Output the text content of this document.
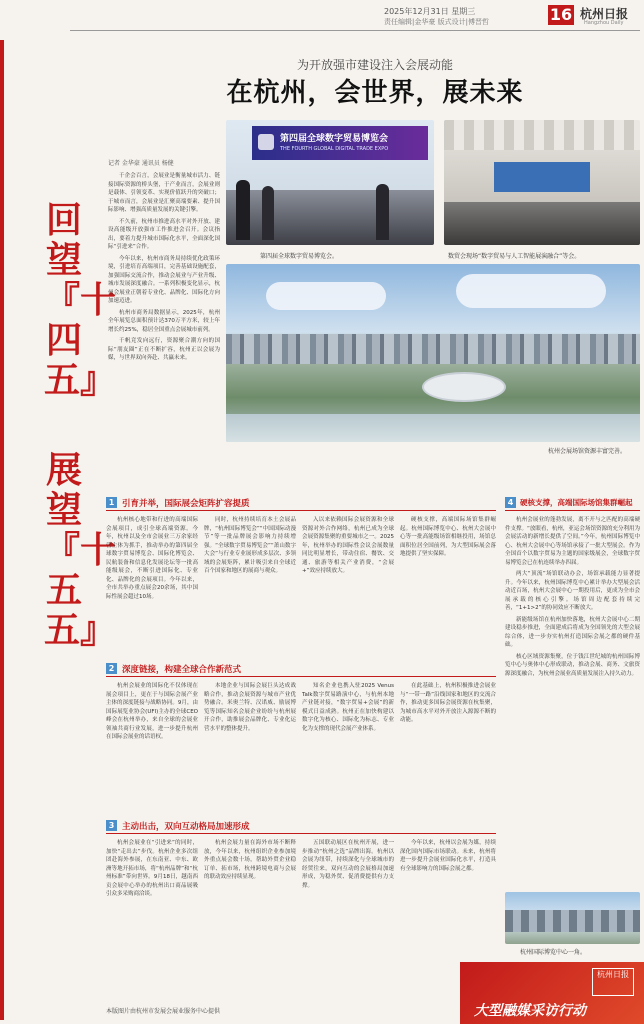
2025年12月31日 星期三
责任编辑|金华豪 版式设计|傅晋哲	16 杭州日报
Hangzhou Daily
回望『十四五』
展望『十五五』
为开放强市建设注入会展动能
在杭州，会世界，展未来
记者 金华豪 通讯员 杨健

千企会百言，会展业是衡量城市活力、链接国际资源的桥头堡，于产业而言，会展业则是载体、引领变革、实现价值跃升的突破口；于城市而言，会展业是汇聚高端要素、提升国际影响、增强高质量发展的关键引擎。

不久前，杭州市推进高水平对外开放、建设高能级开放强市工作推进会召开。会议指出，要着力提升城市国际化水平，全面深化国际“引进来”合作。

今年以来，杭州市商务局持续优化政策环境，引进培育高端项目，完善基础设施配套，加强国际交流合作，推动会展业与产业升级、城市发展深度融合。一系列积极变化显示，杭州会展业正朝着专业化、品牌化、国际化方向加速迈进。

杭州市商务局数据显示，2025年，杭州全年展览总面积预计达370万平方米，较上年增长约25%，稳居全国重点会展城市前列。

千帆竞发向远行，资源聚合潮方向的国际“朋友圈”正在不断扩容，杭州正以会展为媒，与世界双向奔赴、共赢未来。

第四届全球数字贸易博览会
THE FOURTH GLOBAL DIGITAL TRADE EXPO
第四届全球数字贸易博览会。	数贸会现场“数字贸易与人工智能展演融合”等会。
杭州会展场馆资源丰富完善。
1 引育并举，国际展会矩阵扩容提质
杭州核心地带和行进的高端国际会展项目，成引全球高端资源。今年，杭州以及全市会展业三万余家经营主体为抓手，推动举办的第四届全球数字贸易博览会、国际化博览会、民航装备和信息化发展论坛等一批高能级展会，不断引进国际化、专业化、品牌化的会展项目。今年以来，全市共举办重点展会20余场，其中国际性展会超过10场。
同时，杭州持续培育本土会展品牌，“杭州国际博览会”“中国国际动漫节”等一批品牌展会影响力持续增强。“全球数字贸易博览会”“萧山数字大会”与行业专业展形成多层次、多领域的会展矩阵，累计吸引来自全球近百个国家和地区的展商与观众。
入以来依赖国际会展资源和全球资源对外合作网络，杭州已成为全球会展资源集聚的重要城市之一。2025年，杭州举办的国际性会议会展数量同比明显增长，带动住宿、餐饮、交通、旅游等相关产业消费，“会展+”效应持续放大。
硬核支撑，高端国际场馆集群崛起。杭州国际博览中心、杭州大会展中心等一批高能级场馆相继投用，场馆总面积位居全国前列，为大型国际展会落地提供了坚实保障。
2 深度链接，构建全球合作新范式
杭州会展业的国际化不仅体现在展会项目上，更在于与国际会展产业主体的深度链接与战略协同。9月，由国际展览业协会(UFI)主办的全球CEO峰会在杭州举办，来自全球的会展业领袖共商行业发展，进一步提升杭州在国际会展业的话语权。
本地企业与国际会展巨头达成战略合作，推动会展资源与城市产业优势融合。米奥兰特、汉诺威、励展博览等国际知名会展企业纷纷与杭州展开合作，助推展会品牌化、专业化运营水平的整体提升。
知名企业也携入驻2025 Venus Talk数字贸易路演中心，与杭州本地产业链对接，“数字贸易+会展”的新模式日益成熟。杭州正在加快构建以数字化为核心、国际化为标志、专业化为支撑的现代会展产业体系。
在此基础上，杭州积极推进会展业与“一带一路”沿线国家和地区的交流合作，推动更多国际会展资源在杭集聚，为城市高水平对外开放注入源源不断的动能。
3 主动出击，双向互动格局加速形成
杭州会展业在“引进来”的同时，加快“走出去”步伐。杭州企业多次组团赴海外参展，在东南亚、中东、欧洲等地开拓市场，将“杭州品牌”和“杭州标准”带向世界。9月18日，越南西贡会展中心举办的杭州出口商品展吸引众多采购商洽谈。
杭州会展力量在海外市场不断释放，今年以来，杭州组织企业参加境外重点展会数十场，帮助外贸企业稳订单、拓市场，杭州跨境电商与会展的联动效应持续显现。
五国联动展区在杭州开展，进一步推动“杭州之选”品牌出海。杭州以会展为纽带，持续深化与全球城市的经贸往来，双向互动的会展格局加速形成，为稳外贸、促消费提供有力支撑。
今年以来，杭州以会展为媒，持续深化国内国际市场联动。未来，杭州将进一步提升会展业国际化水平，打造具有全球影响力的国际会展之都。
4 硬核支撑，高端国际场馆集群崛起

杭州会展业的蓬勃发展，离不开与之匹配的高端硬件支撑。“放眼看，杭州，亚运会场馆资源的充分利用为会展活动的新增长提供了空间。”今年，杭州国际博览中心、杭州大会展中心等场馆承接了一批大型展会。作为全国首个以数字贸易为主题的国家级展会，全球数字贸易博览会已在杭连续举办四届。

两大“顶流”场馆联动办会，场馆承载能力显著提升。今年以来，杭州国际博览中心累计举办大型展会活动近百场，杭州大会展中心一期投用后，更成为全市会展承载的核心引擎。场馆周边配套持续完善，“1+1>2”的协同效应不断放大。

新能级场馆在杭州加快落地，杭州大会展中心二期建设稳步推进，全面建成后将成为全国领先的大型会展综合体，进一步夯实杭州打造国际会展之都的硬件基础。

核心区域资源集聚，位于钱江世纪城的杭州国际博览中心与奥体中心形成联动，推动会展、商务、文旅资源深度融合，为杭州会展业高质量发展注入持久动力。

杭州国际博览中心一角。
本版图片由杭州市发展会展业服务中心提供
杭州日报
大型融媒采访行动
